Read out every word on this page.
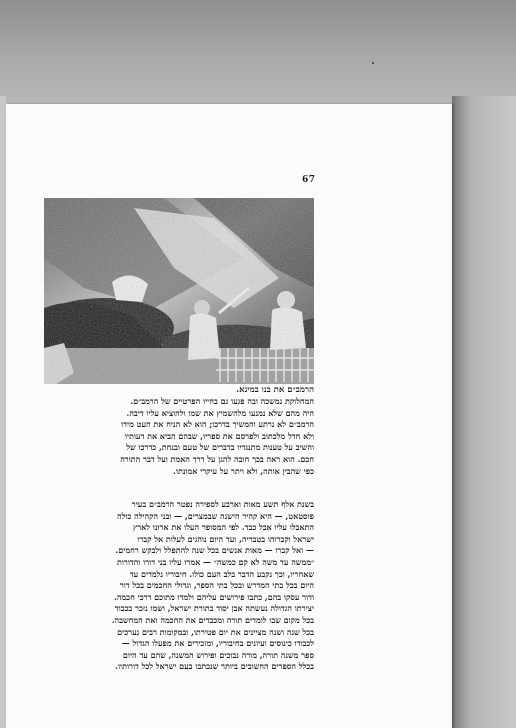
67
הרמב״ם את בנו במינא.
המחלוקת נמשכה ובה פגעו גם בחייו הפרטיים של הרמב״ם.
היה מהם שלא נמנעו מלהשמיץ את שמו ולהוציא עליו דיבה.
הרמב״ם לא נרתע והמשיך בדרכו; הוא לא הניח את העט מידו
ולא חדל מלכתוב ולפרסם את ספריו, שבהם הביא את דעותיו
והשיב על טענות מתנגדיו בדברים של טעם ובנחת, כדרכו של
חכם. הוא ראה בכך חובה להגן על דרך האמת ועל דבר התורה
כפי שהבין אותה, ולא ויתר על עיקרי אמונתו.
בשנת אלף תשע מאות וארבע לספירה נפטר הרמב״ם בעיר
פוסטאט, — היא קהיר הישנה שבמצרים, — ובני הקהילה כולה
התאבלו עליו אבל כבד. לפי המסופר העלו את ארונו לארץ
ישראל וקברוהו בטבריה, ועד היום נוהגים לעלות אל קברו
— ואל קברו — מאות אנשים בכל שנה להתפלל ולבקש רחמים.
״ממשה עד משה לא קם כמשה״ — אמרו עליו בני דורו והדורות
שאחריו, וכך נקבע הדבר בלב העם כולו. חיבוריו נלמדים עד
היום בכל בתי המדרש ובכל בתי הספר, וגדולי החכמים בכל דור
ודור עסקו בהם, כתבו פירושים עליהם ולמדו מתוכם דרכי חכמה.
יצירתו הגדולה נעשתה אבן יסוד בתורת ישראל, ושמו נזכר בכבוד
בכל מקום שבו לומדים תורה ומכבדים את החכמה ואת המחשבה.
בכל שנה ושנה מציינים את יום פטירתו, ובמקומות רבים נערכים
לכבודו כינוסים ועיונים בחיבוריו, ומזכירים את מפעלו הגדול —
ספר משנה תורה, מורה נבוכים ופירוש המשנה, שהם עד היום
בכלל הספרים החשובים ביותר שנכתבו בעם ישראל לכל דורותיו.
